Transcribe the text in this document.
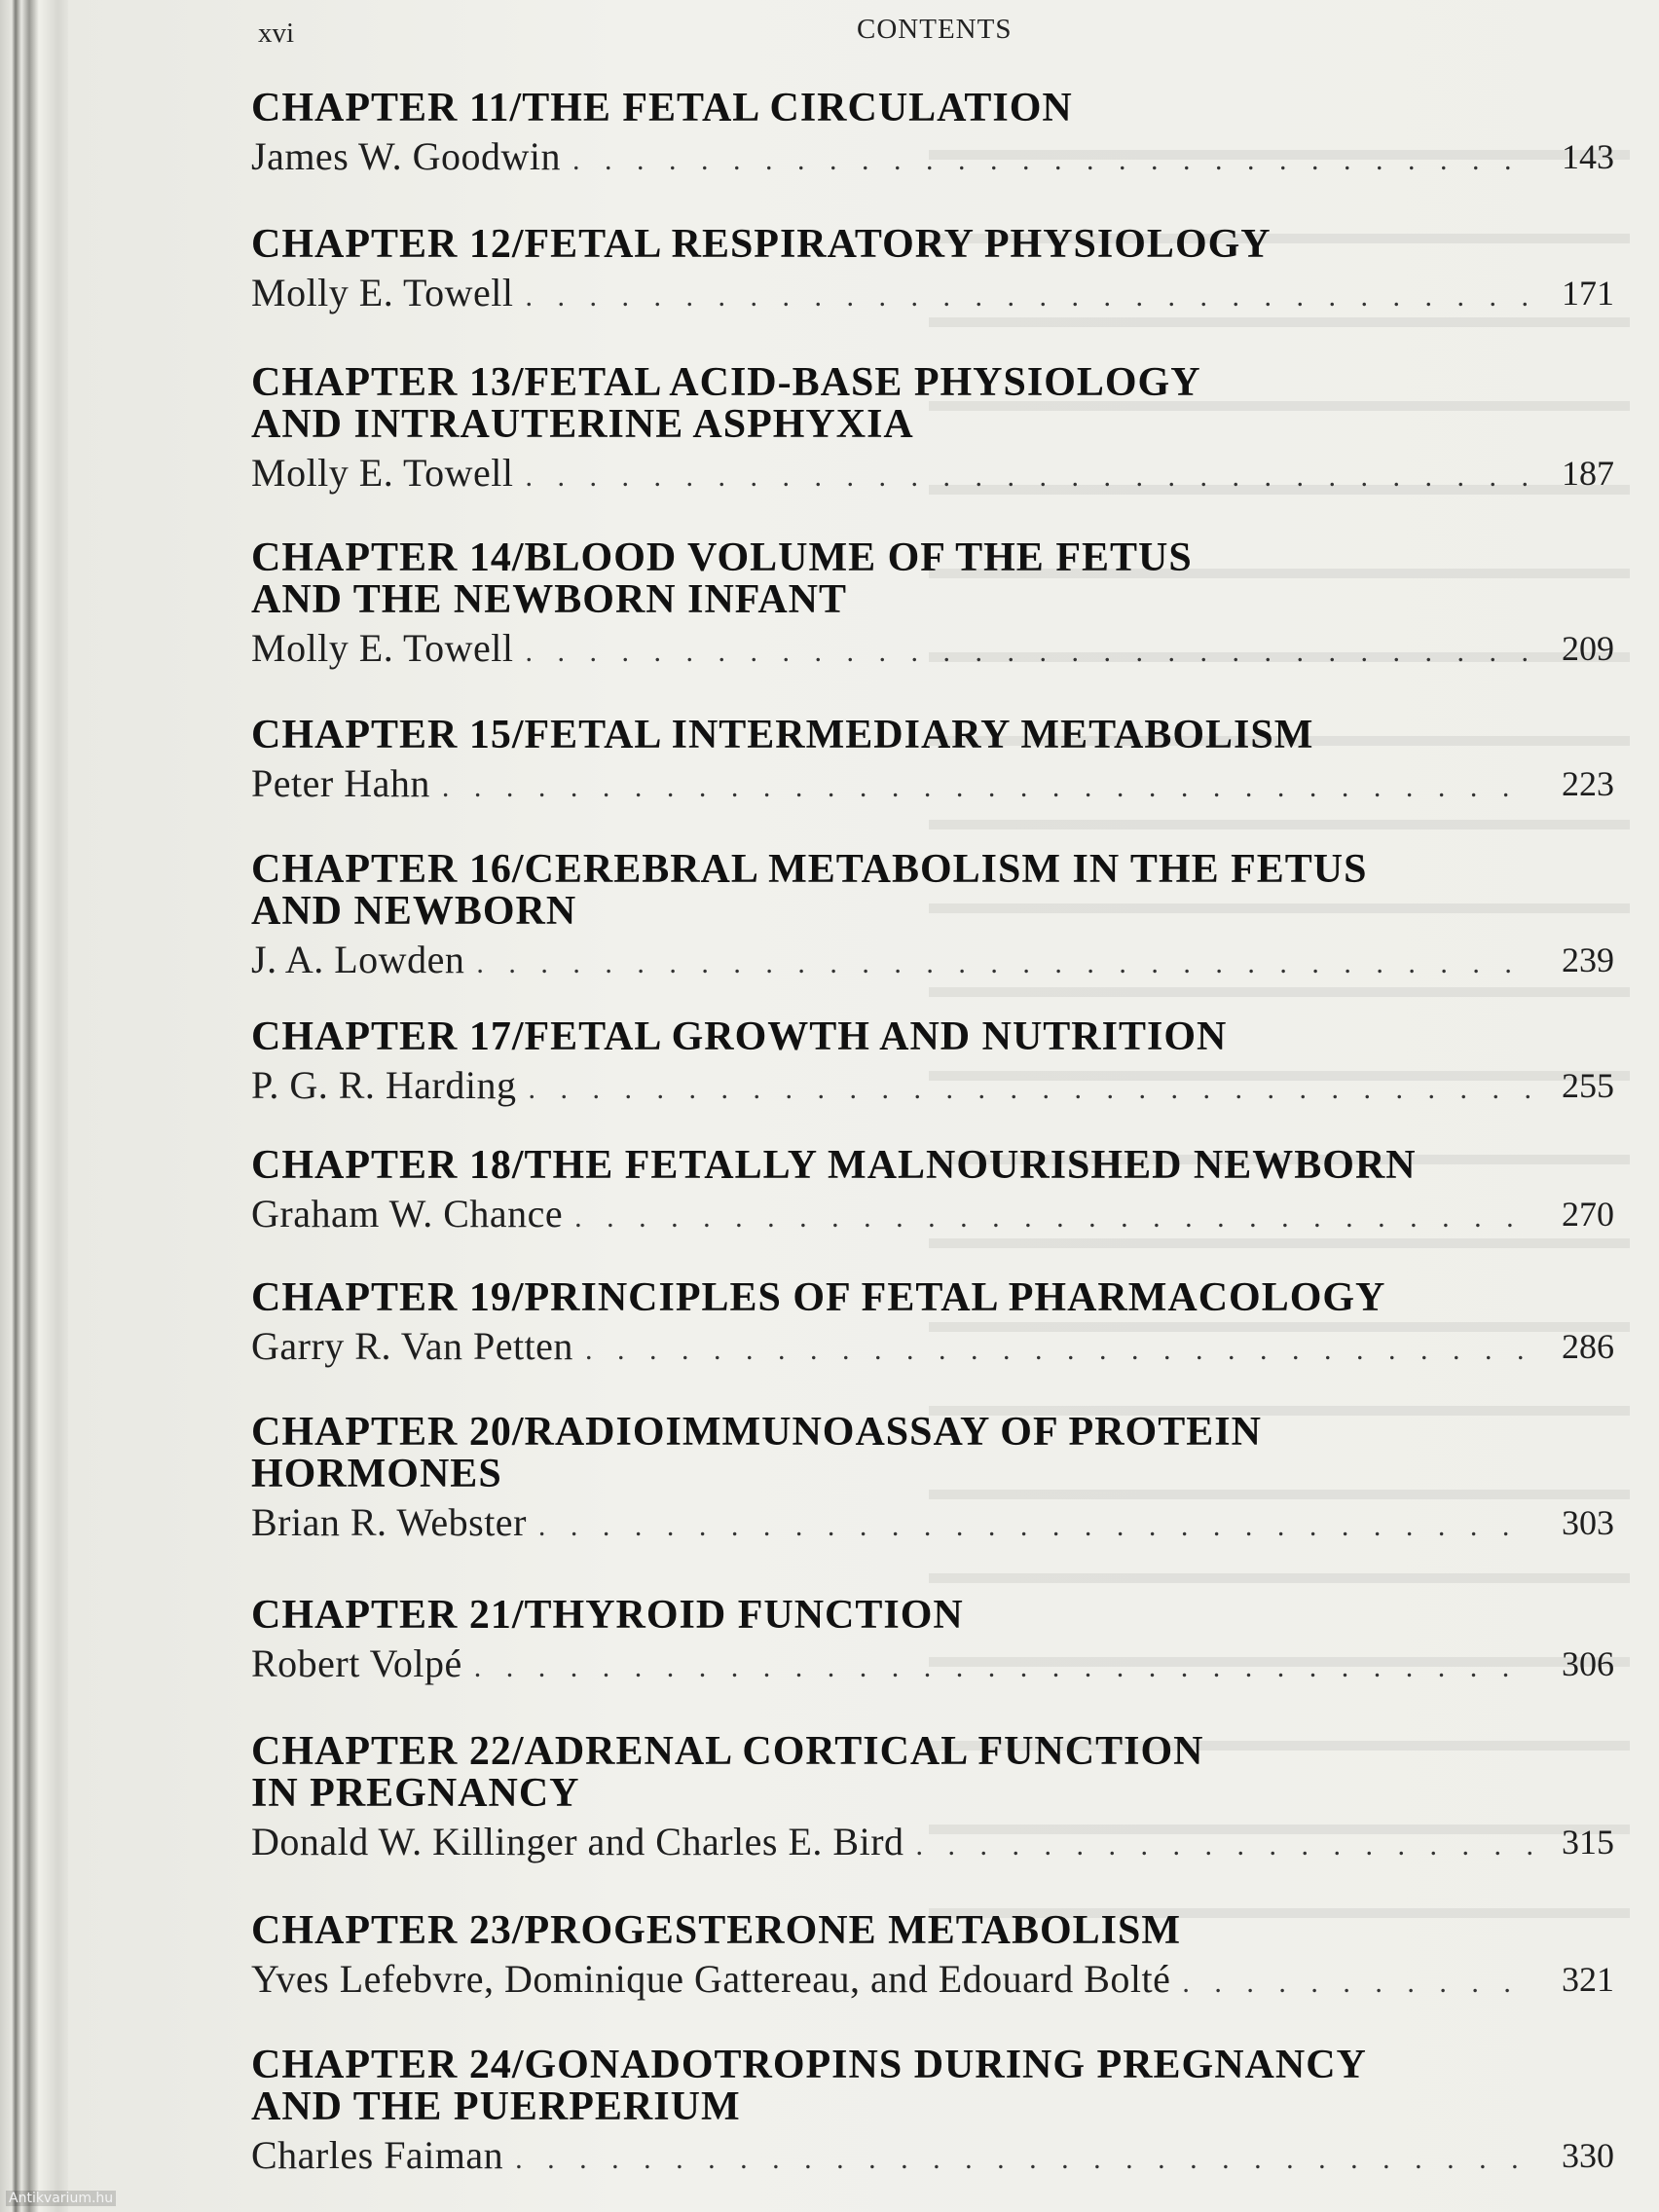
xvi	CONTENTS
CHAPTER 11/THE FETAL CIRCULATION
James W. Goodwin . . .	143
CHAPTER 12/FETAL RESPIRATORY PHYSIOLOGY
Molly E. Towell . . .	171
CHAPTER 13/FETAL ACID-BASE PHYSIOLOGY
AND INTRAUTERINE ASPHYXIA
Molly E. Towell . . .	187
CHAPTER 14/BLOOD VOLUME OF THE FETUS
AND THE NEWBORN INFANT
Molly E. Towell . . .	209
CHAPTER 15/FETAL INTERMEDIARY METABOLISM
Peter Hahn . . .	223
CHAPTER 16/CEREBRAL METABOLISM IN THE FETUS
AND NEWBORN
J. A. Lowden . . .	239
CHAPTER 17/FETAL GROWTH AND NUTRITION
P. G. R. Harding . . .	255
CHAPTER 18/THE FETALLY MALNOURISHED NEWBORN
Graham W. Chance . . .	270
CHAPTER 19/PRINCIPLES OF FETAL PHARMACOLOGY
Garry R. Van Petten . . .	286
CHAPTER 20/RADIOIMMUNOASSAY OF PROTEIN
HORMONES
Brian R. Webster . . .	303
CHAPTER 21/THYROID FUNCTION
Robert Volpé . . .	306
CHAPTER 22/ADRENAL CORTICAL FUNCTION
IN PREGNANCY
Donald W. Killinger and Charles E. Bird . . .	315
CHAPTER 23/PROGESTERONE METABOLISM
Yves Lefebvre, Dominique Gattereau, and Edouard Bolté . . .	321
CHAPTER 24/GONADOTROPINS DURING PREGNANCY
AND THE PUERPERIUM
Charles Faiman . . .	330
Antikvarium.hu
